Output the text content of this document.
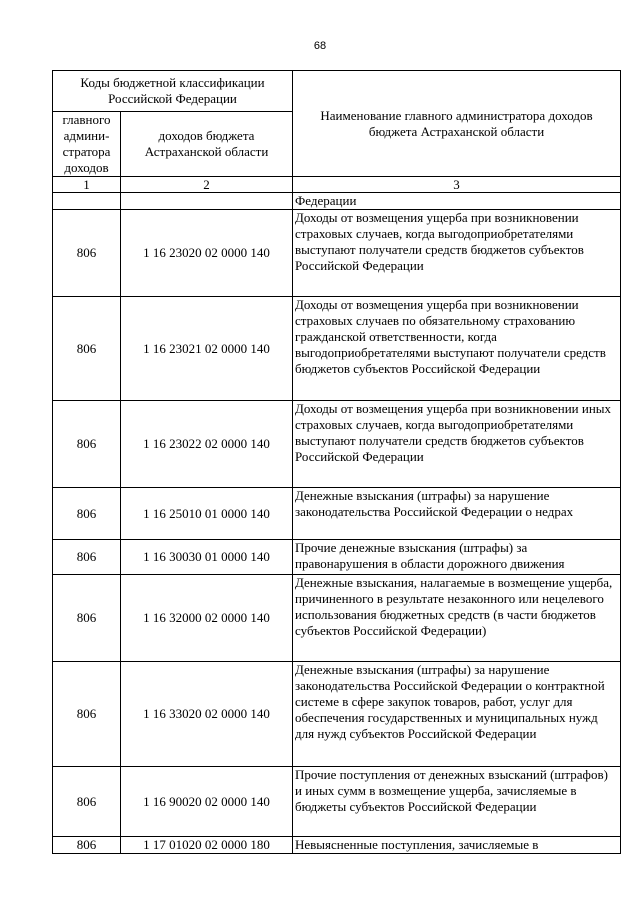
68
Коды бюджетной классификации Российской Федерации		Наименование главного администратора доходов бюджета Астраханской области
главного админи-стратора доходов	доходов бюджета Астраханской области	
1	2	3
		Федерации
806	1 16 23020 02 0000 140	Доходы от возмещения ущерба при возникновении страховых случаев, когда выгодоприобретателями выступают получатели средств бюджетов субъектов Российской Федерации
806	1 16 23021 02 0000 140	Доходы от возмещения ущерба при возникновении страховых случаев по обязательному страхованию гражданской ответственности, когда выгодоприобретателями выступают получатели средств бюджетов субъектов Российской Федерации
806	1 16 23022 02 0000 140	Доходы от возмещения ущерба при возникновении иных страховых случаев, когда выгодоприобретателями выступают получатели средств бюджетов субъектов Российской Федерации
806	1 16 25010 01 0000 140	Денежные взыскания (штрафы) за нарушение законодательства Российской Федерации о недрах
806	1 16 30030 01 0000 140	Прочие денежные взыскания (штрафы) за правонарушения в области дорожного движения
806	1 16 32000 02 0000 140	Денежные взыскания, налагаемые в возмещение ущерба, причиненного в результате незаконного или нецелевого использования бюджетных средств (в части бюджетов субъектов Российской Федерации)
806	1 16 33020 02 0000 140	Денежные взыскания (штрафы) за нарушение законодательства Российской Федерации о контрактной системе в сфере закупок товаров, работ, услуг для обеспечения государственных и муниципальных нужд для нужд субъектов Российской Федерации
806	1 16 90020 02 0000 140	Прочие поступления от денежных взысканий (штрафов) и иных сумм в возмещение ущерба, зачисляемые в бюджеты субъектов Российской Федерации
806	1 17 01020 02 0000 180	Невыясненные поступления, зачисляемые в
